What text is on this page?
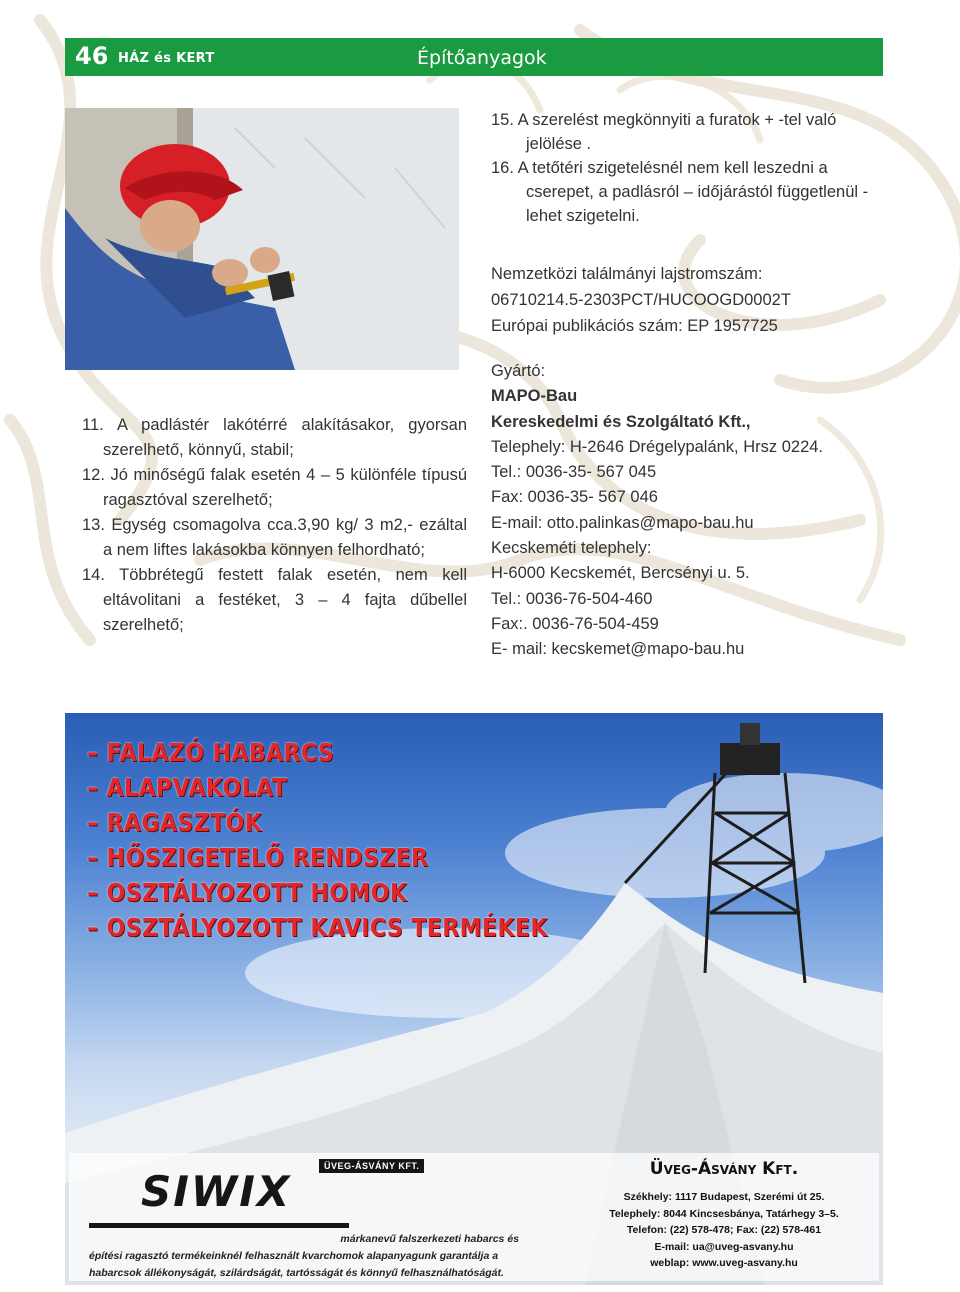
46 HÁZ és KERT	Építőanyagok
11. A padlástér lakótérré alakításakor, gyorsan szerelhető, könnyű, stabil;
12. Jó minőségű falak esetén 4 – 5 különféle típusú ragasztóval szerelhető;
13. Egység csomagolva cca.3,90 kg/ 3 m2,- ezáltal a nem liftes lakásokba könnyen felhordható;
14. Többrétegű festett falak esetén, nem kell eltávolitani a festéket, 3 – 4 fajta dűbellel szerelhető;
15. A szerelést megkönnyiti a furatok + -tel való jelölése .
16. A tetőtéri szigetelésnél nem kell leszedni a cserepet, a padlásról – időjárástól függetlenül - lehet szigetelni.
Nemzetközi találmányi lajstromszám:
06710214.5-2303PCT/HUCOOGD0002T
Európai publikációs szám: EP 1957725
Gyártó:
MAPO-Bau
Kereskedelmi és Szolgáltató Kft.,
Telephely: H-2646 Drégelypalánk, Hrsz 0224.
Tel.: 0036-35- 567 045
Fax: 0036-35- 567 046
E-mail: otto.palinkas@mapo-bau.hu
Kecskeméti telephely:
H-6000 Kecskemét, Bercsényi u. 5.
Tel.: 0036-76-504-460
Fax:. 0036-76-504-459
E- mail: kecskemet@mapo-bau.hu
– FALAZÓ HABARCS
– ALAPVAKOLAT
– RAGASZTÓK
– HŐSZIGETELŐ RENDSZER
– OSZTÁLYOZOTT HOMOK
– OSZTÁLYOZOTT KAVICS TERMÉKEK
SIWIX
ÜVEG-ÁSVÁNY KFT.
márkanevű falszerkezeti habarcs és
építési ragasztó termékeinknél felhasznált kvarchomok alapanyagunk garantálja a
habarcsok állékonyságát, szilárdságát, tartósságát és könnyű felhasználhatóságát.
Üveg-Ásvány Kft.
Székhely: 1117 Budapest, Szerémi út 25.
Telephely: 8044 Kincsesbánya, Tatárhegy 3–5.
Telefon: (22) 578-478; Fax: (22) 578-461
E-mail: ua@uveg-asvany.hu
weblap: www.uveg-asvany.hu
